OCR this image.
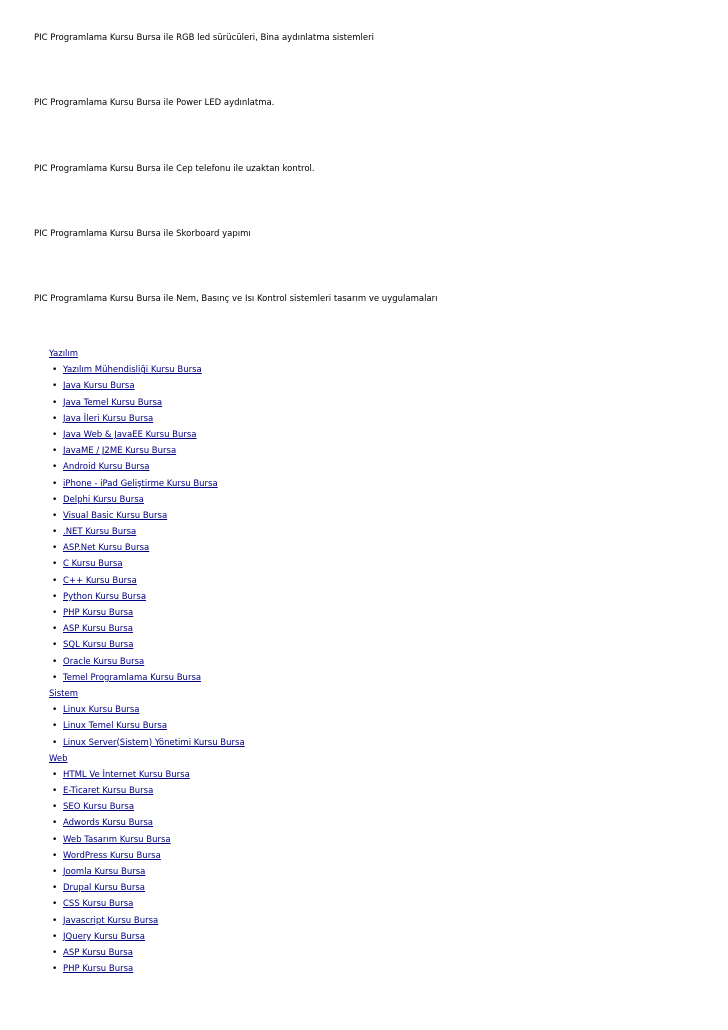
PIC Programlama Kursu Bursa ile RGB led sürücüleri, Bina aydınlatma sistemleri
PIC Programlama Kursu Bursa ile Power LED aydınlatma.
PIC Programlama Kursu Bursa ile Cep telefonu ile uzaktan kontrol.
PIC Programlama Kursu Bursa ile Skorboard yapımı
PIC Programlama Kursu Bursa ile Nem, Basınç ve Isı Kontrol sistemleri tasarım ve uygulamaları
Yazılım
• Yazılım Mühendisliği Kursu Bursa
• Java Kursu Bursa
• Java Temel Kursu Bursa
• Java İleri Kursu Bursa
• Java Web & JavaEE Kursu Bursa
• JavaME / J2ME Kursu Bursa
• Android Kursu Bursa
• iPhone - iPad Geliştirme Kursu Bursa
• Delphi Kursu Bursa
• Visual Basic Kursu Bursa
• .NET Kursu Bursa
• ASP.Net Kursu Bursa
• C Kursu Bursa
• C++ Kursu Bursa
• Python Kursu Bursa
• PHP Kursu Bursa
• ASP Kursu Bursa
• SQL Kursu Bursa
• Oracle Kursu Bursa
• Temel Programlama Kursu Bursa
Sistem
• Linux Kursu Bursa
• Linux Temel Kursu Bursa
• Linux Server(Sistem) Yönetimi Kursu Bursa
Web
• HTML Ve İnternet Kursu Bursa
• E-Ticaret Kursu Bursa
• SEO Kursu Bursa
• Adwords Kursu Bursa
• Web Tasarım Kursu Bursa
• WordPress Kursu Bursa
• Joomla Kursu Bursa
• Drupal Kursu Bursa
• CSS Kursu Bursa
• Javascript Kursu Bursa
• JQuery Kursu Bursa
• ASP Kursu Bursa
• PHP Kursu Bursa
